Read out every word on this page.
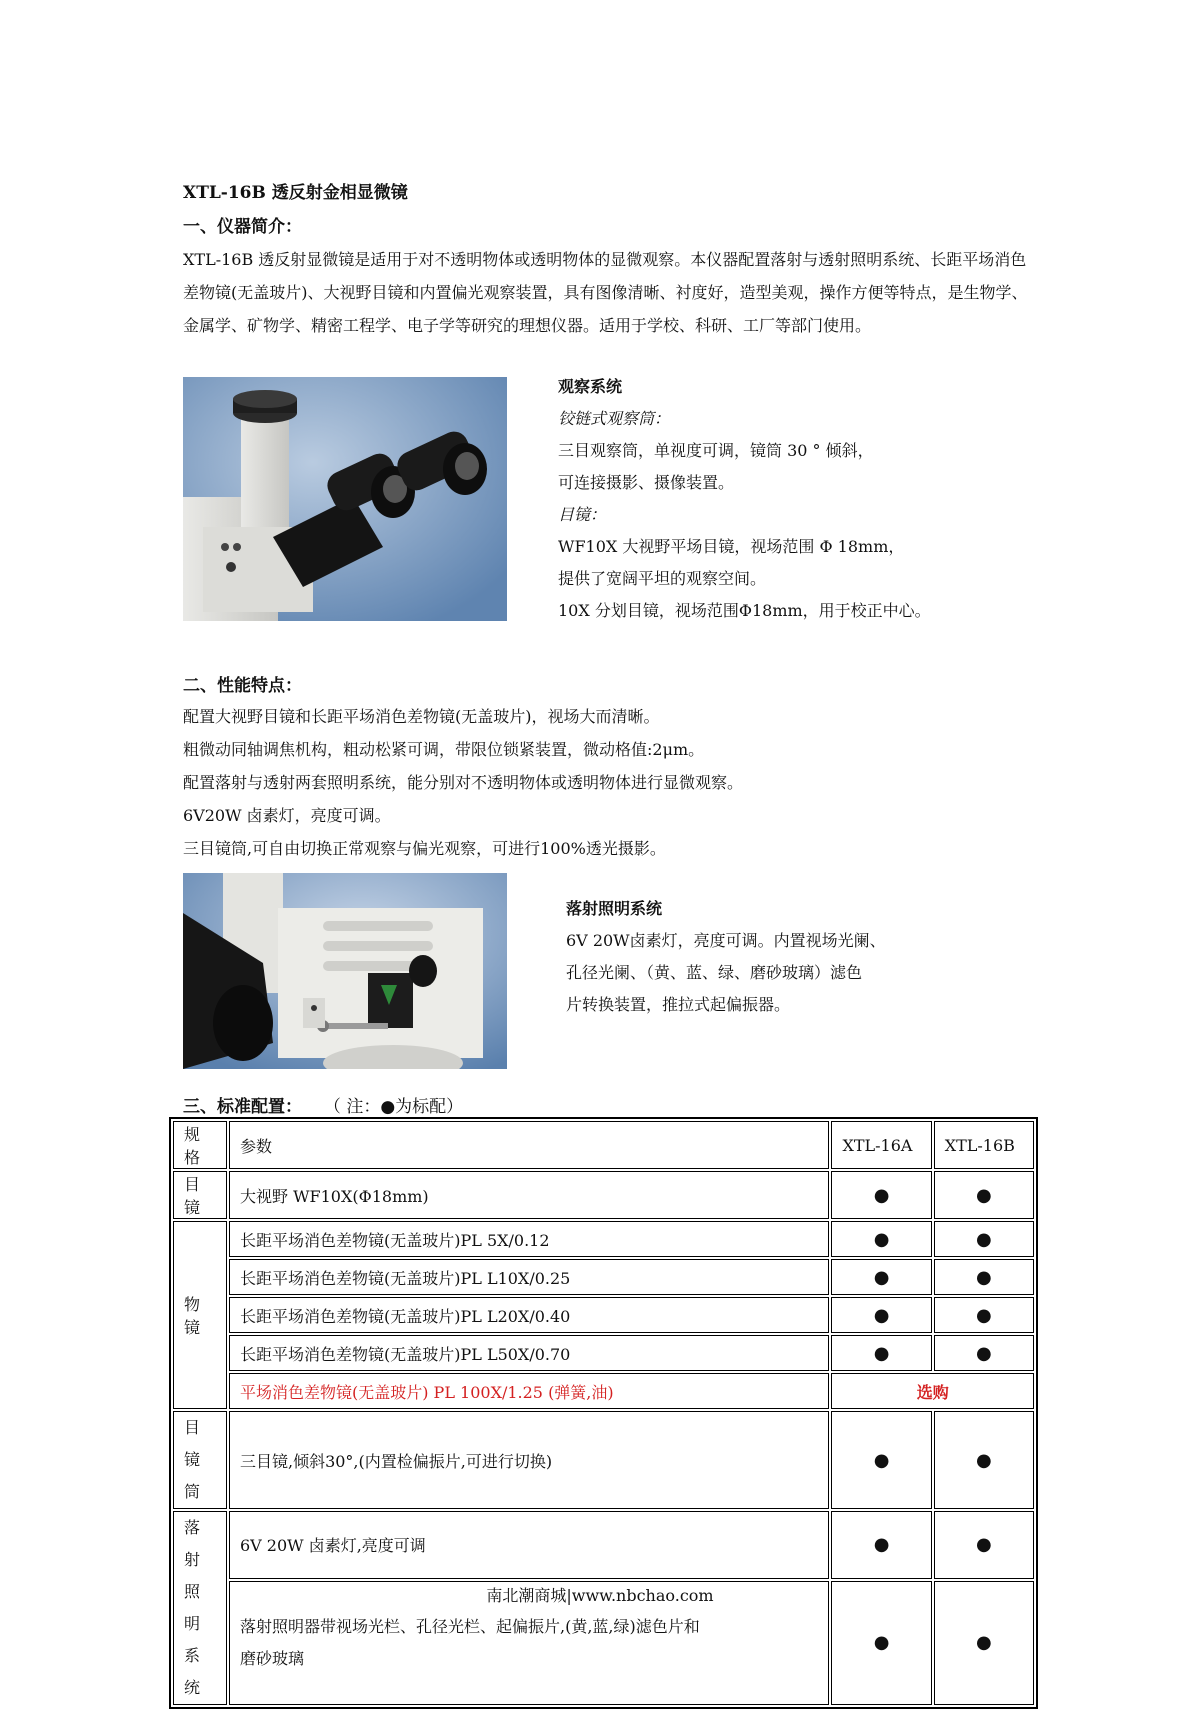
XTL-16B 透反射金相显微镜
一、仪器简介：
XTL-16B 透反射显微镜是适用于对不透明物体或透明物体的显微观察。本仪器配置落射与透射照明系统、长距平场消色差物镜(无盖玻片)、大视野目镜和内置偏光观察装置，具有图像清晰、衬度好，造型美观，操作方便等特点，是生物学、金属学、矿物学、精密工程学、电子学等研究的理想仪器。适用于学校、科研、工厂等部门使用。
观察系统
铰链式观察筒：
三目观察筒，单视度可调，镜筒 30 ° 倾斜，
可连接摄影、摄像装置。
目镜：
WF10X 大视野平场目镜，视场范围 Φ 18mm，
提供了宽阔平坦的观察空间。
10X 分划目镜，视场范围Φ18mm，用于校正中心。
二、性能特点：
配置大视野目镜和长距平场消色差物镜(无盖玻片)，视场大而清晰。
粗微动同轴调焦机构，粗动松紧可调，带限位锁紧装置，微动格值:2μm。
配置落射与透射两套照明系统，能分别对不透明物体或透明物体进行显微观察。
6V20W 卤素灯，亮度可调。
三目镜筒,可自由切换正常观察与偏光观察，可进行100%透光摄影。
落射照明系统
6V 20W卤素灯，亮度可调。内置视场光阑、
孔径光阑、（黄、蓝、绿、磨砂玻璃）滤色
片转换装置，推拉式起偏振器。
三、标准配置： （ 注：●为标配）
规格	参数	XTL-16A	XTL-16B
目镜	大视野 WF10X(Φ18mm)	●	●
物镜	长距平场消色差物镜(无盖玻片)PL 5X/0.12	●	●
	长距平场消色差物镜(无盖玻片)PL L10X/0.25	●	●
	长距平场消色差物镜(无盖玻片)PL L20X/0.40	●	●
	长距平场消色差物镜(无盖玻片)PL L50X/0.70	●	●
	平场消色差物镜(无盖玻片) PL 100X/1.25 (弹簧,油)	选购	

目镜
筒	三目镜,倾斜30°,(内置检偏振片,可进行切换)	●	●

落射
照明
系统	6V 20W 卤素灯,亮度可调	●	●

	落射照明器带视场光栏、孔径光栏、起偏振片,(黄,蓝,绿)滤色片和
磨砂玻璃	●	●
南北潮商城|www.nbchao.com
